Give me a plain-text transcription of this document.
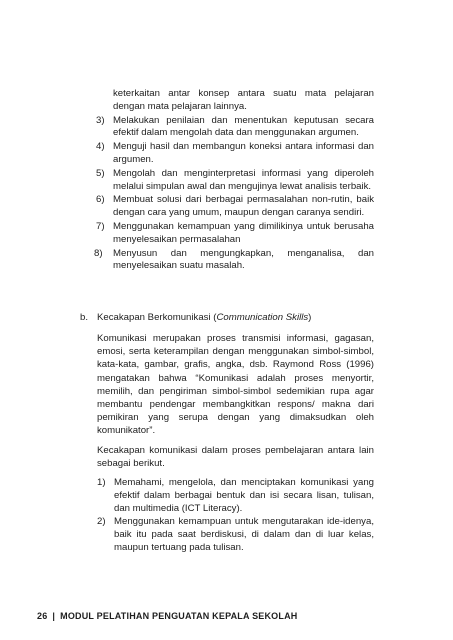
keterkaitan antar konsep antara suatu mata pelajaran dengan mata pelajaran lainnya.
3) Melakukan penilaian dan menentukan keputusan secara efektif dalam mengolah data dan menggunakan argumen.
4) Menguji hasil dan membangun koneksi antara informasi dan argumen.
5) Mengolah dan menginterpretasi informasi yang diperoleh melalui simpulan awal dan mengujinya lewat analisis terbaik.
6) Membuat solusi dari berbagai permasalahan non-rutin, baik dengan cara yang umum, maupun dengan caranya sendiri.
7) Menggunakan kemampuan yang dimilikinya untuk berusaha menyelesaikan permasalahan
8) Menyusun dan mengungkapkan, menganalisa, dan menyelesaikan suatu masalah.
b. Kecakapan Berkomunikasi (Communication Skills)
Komunikasi merupakan proses transmisi informasi, gagasan, emosi, serta keterampilan dengan menggunakan simbol-simbol, kata-kata, gambar, grafis, angka, dsb. Raymond Ross (1996) mengatakan bahwa “Komunikasi adalah proses menyortir, memilih, dan pengiriman simbol-simbol sedemikian rupa agar membantu pendengar membangkitkan respons/ makna dari pemikiran yang serupa dengan yang dimaksudkan oleh komunikator”.
Kecakapan komunikasi dalam proses pembelajaran antara lain sebagai berikut.
1) Memahami, mengelola, dan menciptakan komunikasi yang efektif dalam berbagai bentuk dan isi secara lisan, tulisan, dan multimedia (ICT Literacy).
2) Menggunakan kemampuan untuk mengutarakan ide-idenya, baik itu pada saat berdiskusi, di dalam dan di luar kelas, maupun tertuang pada tulisan.
26 | MODUL PELATIHAN PENGUATAN KEPALA SEKOLAH
